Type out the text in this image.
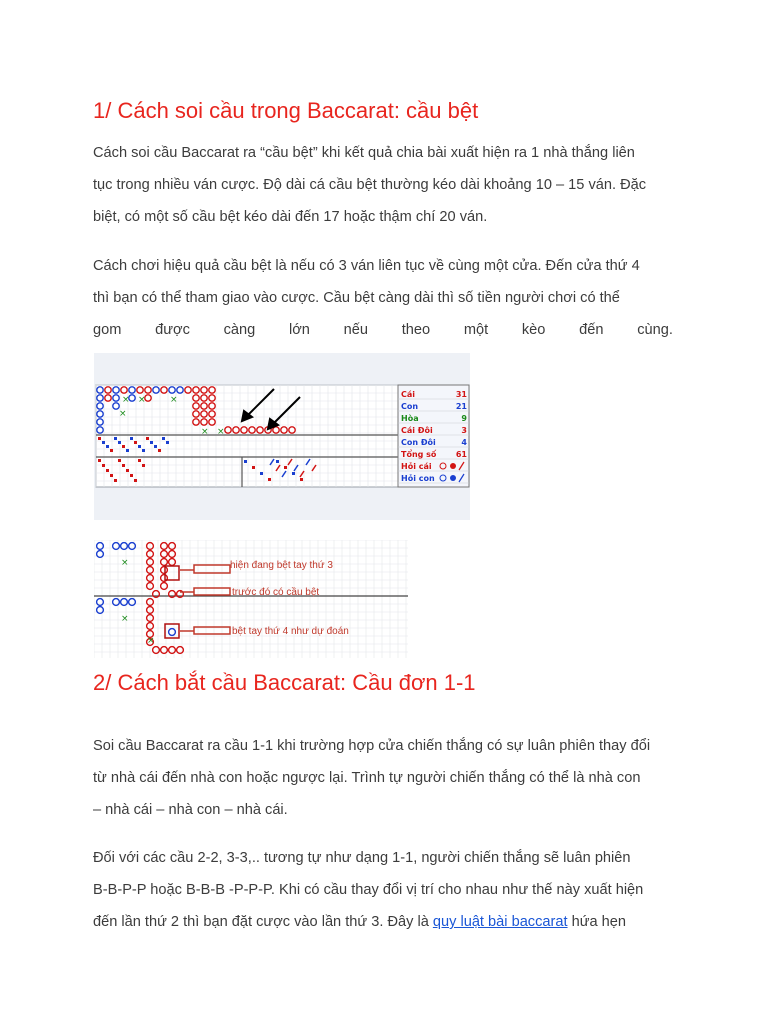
1/ Cách soi cầu trong Baccarat: cầu bệt
Cách soi cầu Baccarat ra “cầu bệt” khi kết quả chia bài xuất hiện ra 1 nhà thắng liên
tục trong nhiều ván cược. Độ dài cá cầu bệt thường kéo dài khoảng 10 – 15 ván. Đặc
biệt, có một số cầu bệt kéo dài đến 17 hoặc thậm chí 20 ván.
Cách chơi hiệu quả cầu bệt là nếu có 3 ván liên tục về cùng một cửa. Đến cửa thứ 4
thì bạn có thể tham giao vào cược. Cầu bệt càng dài thì số tiền người chơi có thể
gom được càng lớn nếu theo một kèo đến cùng.
× ×	×
× ×
×
Cái	31
Con	21
Hòa	9
Cái Đôi	3
Con Đôi	4
Tổng số 61
Hỏi cái
Hỏi con
×
×
×
hiện đang bệt tay thứ 3
trước đó có cầu bệt
bệt tay thứ 4 như dự đoán
2/ Cách bắt cầu Baccarat: Cầu đơn 1-1
Soi cầu Baccarat ra cầu 1-1 khi trường hợp cửa chiến thắng có sự luân phiên thay đổi
từ nhà cái đến nhà con hoặc ngược lại. Trình tự người chiến thắng có thể là nhà con
– nhà cái – nhà con – nhà cái.
Đối với các cầu 2-2, 3-3,.. tương tự như dạng 1-1, người chiến thắng sẽ luân phiên
B-B-P-P hoặc B-B-B -P-P-P. Khi có cầu thay đổi vị trí cho nhau như thế này xuất hiện
đến lần thứ 2 thì bạn đặt cược vào lần thứ 3. Đây là quy luật bài baccarat hứa hẹn
